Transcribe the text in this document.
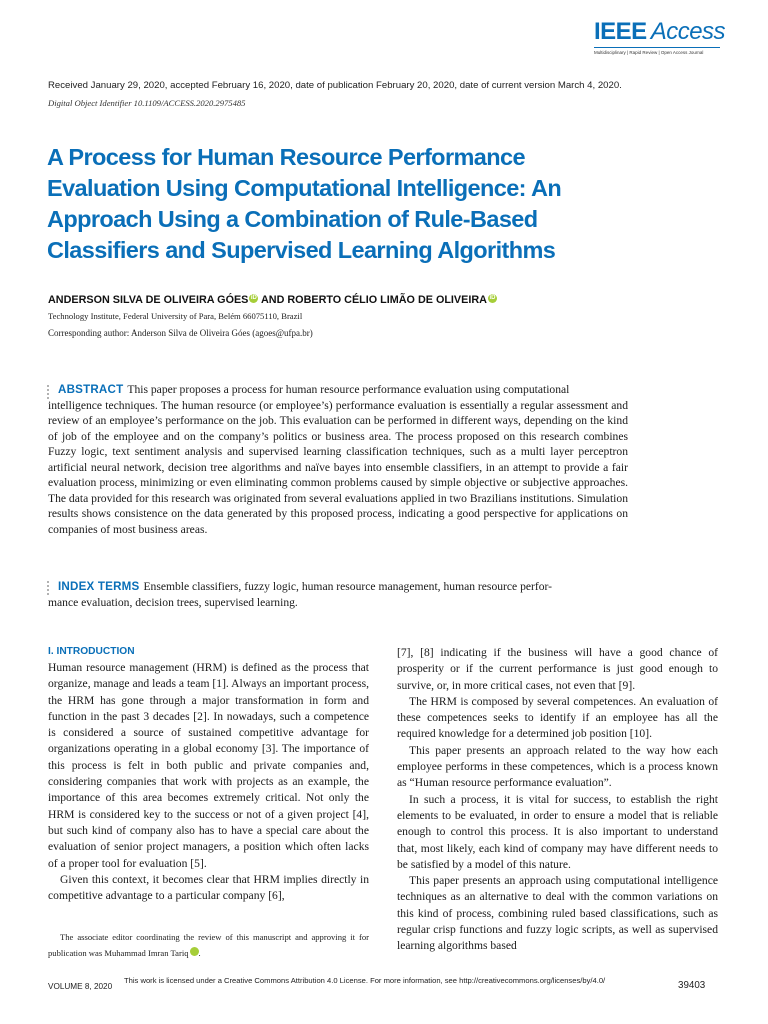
IEEE Access
Multidisciplinary | Rapid Review | Open Access Journal
Received January 29, 2020, accepted February 16, 2020, date of publication February 20, 2020, date of current version March 4, 2020.
Digital Object Identifier 10.1109/ACCESS.2020.2975485
A Process for Human Resource Performance
Evaluation Using Computational Intelligence: An
Approach Using a Combination of Rule-Based
Classifiers and Supervised Learning Algorithms
ANDERSON SILVA DE OLIVEIRA GÓES iD AND ROBERTO CÉLIO LIMÃO DE OLIVEIRA iD
Technology Institute, Federal University of Para, Belém 66075110, Brazil
Corresponding author: Anderson Silva de Oliveira Góes (agoes@ufpa.br)
ABSTRACT This paper proposes a process for human resource performance evaluation using computational
intelligence techniques. The human resource (or employee’s) performance evaluation is essentially a regular assessment and review of an employee’s performance on the job. This evaluation can be performed in different ways, depending on the kind of job of the employee and on the company’s politics or business area. The process proposed on this research combines Fuzzy logic, text sentiment analysis and supervised learning classification techniques, such as a multi layer perceptron artificial neural network, decision tree algorithms and naïve bayes into ensemble classifiers, in an attempt to provide a fair evaluation process, minimizing or even eliminating common problems caused by simple objective or subjective approaches. The data provided for this research was originated from several evaluations applied in two Brazilians institutions. Simulation results shows consistence on the data generated by this proposed process, indicating a good perspective for applications on companies of most business areas.
INDEX TERMS Ensemble classifiers, fuzzy logic, human resource management, human resource perfor-
mance evaluation, decision trees, supervised learning.
I. INTRODUCTION

Human resource management (HRM) is defined as the process that organize, manage and leads a team [1]. Always an important process, the HRM has gone through a major transformation in form and function in the past 3 decades [2]. In nowadays, such a competence is considered a source of sustained competitive advantage for organizations operating in a global economy [3]. The importance of this process is felt in both public and private companies and, considering companies that work with projects as an example, the importance of this area becomes extremely critical. Not only the HRM is considered key to the success or not of a given project [4], but such kind of company also has to have a special care about the evaluation of senior project managers, a position which often lacks of a proper tool for evaluation [5].

Given this context, it becomes clear that HRM implies directly in competitive advantage to a particular company [6],

[7], [8] indicating if the business will have a good chance of prosperity or if the current performance is just good enough to survive, or, in more critical cases, not even that [9].

The HRM is composed by several competences. An evaluation of these competences seeks to identify if an employee has all the required knowledge for a determined job position [10].

This paper presents an approach related to the way how each employee performs in these competences, which is a process known as “Human resource performance evaluation”.

In such a process, it is vital for success, to establish the right elements to be evaluated, in order to ensure a model that is reliable enough to control this process. It is also important to understand that, most likely, each kind of company may have different needs to be satisfied by a model of this nature.

This paper presents an approach using computational intelligence techniques as an alternative to deal with the common variations on this kind of process, combining ruled based classifications, such as regular crisp functions and fuzzy logic scripts, as well as supervised learning algorithms based

The associate editor coordinating the review of this manuscript and approving it for publication was Muhammad Imran Tariq iD.
VOLUME 8, 2020
This work is licensed under a Creative Commons Attribution 4.0 License. For more information, see http://creativecommons.org/licenses/by/4.0/	39403
